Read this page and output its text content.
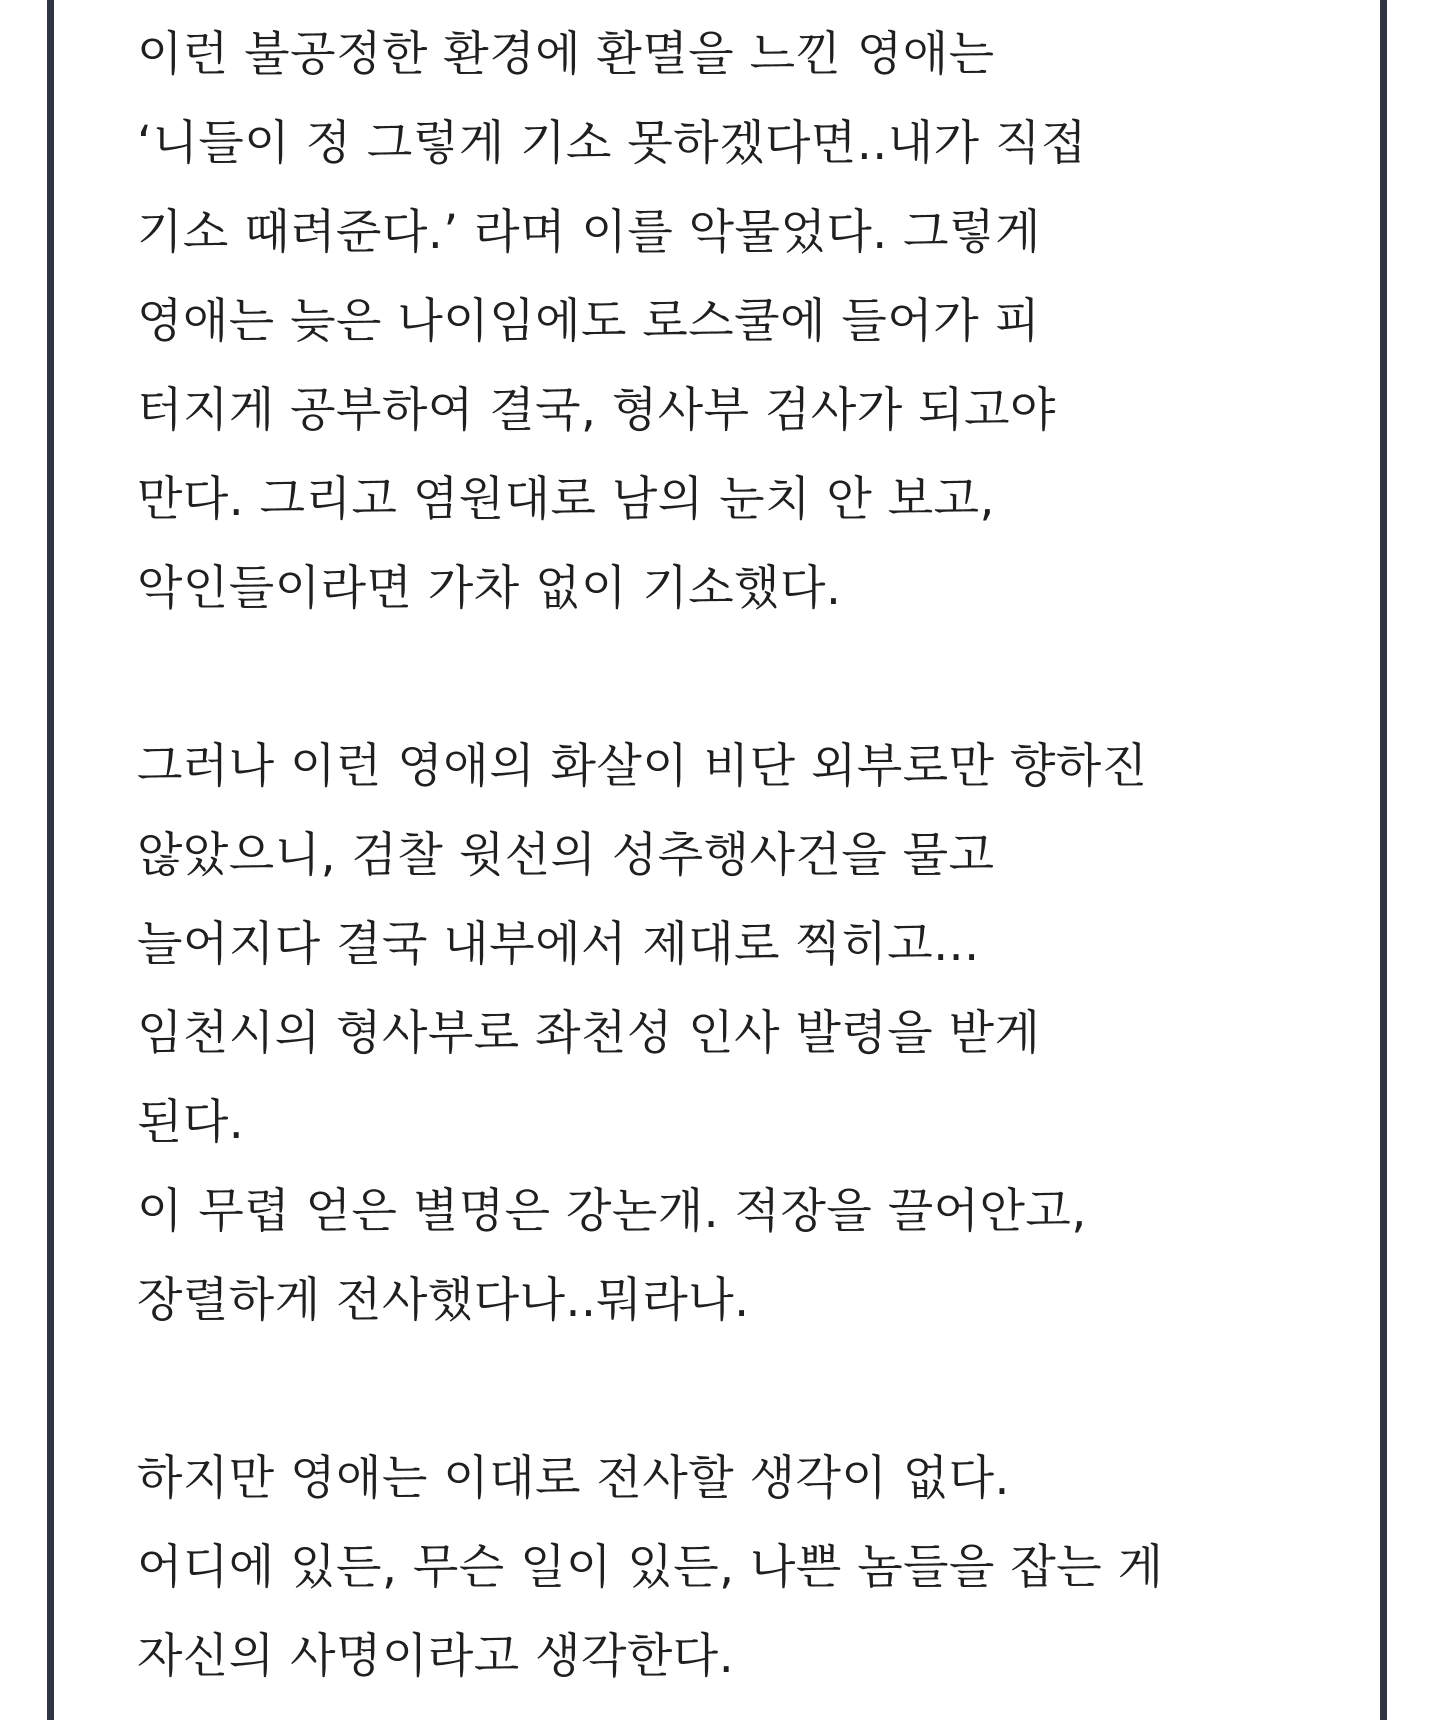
이런 불공정한 환경에 환멸을 느낀 영애는
‘니들이 정 그렇게 기소 못하겠다면..내가 직접
기소 때려준다.’ 라며 이를 악물었다. 그렇게
영애는 늦은 나이임에도 로스쿨에 들어가 피
터지게 공부하여 결국, 형사부 검사가 되고야
만다. 그리고 염원대로 남의 눈치 안 보고,
악인들이라면 가차 없이 기소했다.
그러나 이런 영애의 화살이 비단 외부로만 향하진
않았으니, 검찰 윗선의 성추행사건을 물고
늘어지다 결국 내부에서 제대로 찍히고...
임천시의 형사부로 좌천성 인사 발령을 받게
된다.
이 무렵 얻은 별명은 강논개. 적장을 끌어안고,
장렬하게 전사했다나..뭐라나.
하지만 영애는 이대로 전사할 생각이 없다.
어디에 있든, 무슨 일이 있든, 나쁜 놈들을 잡는 게
자신의 사명이라고 생각한다.
